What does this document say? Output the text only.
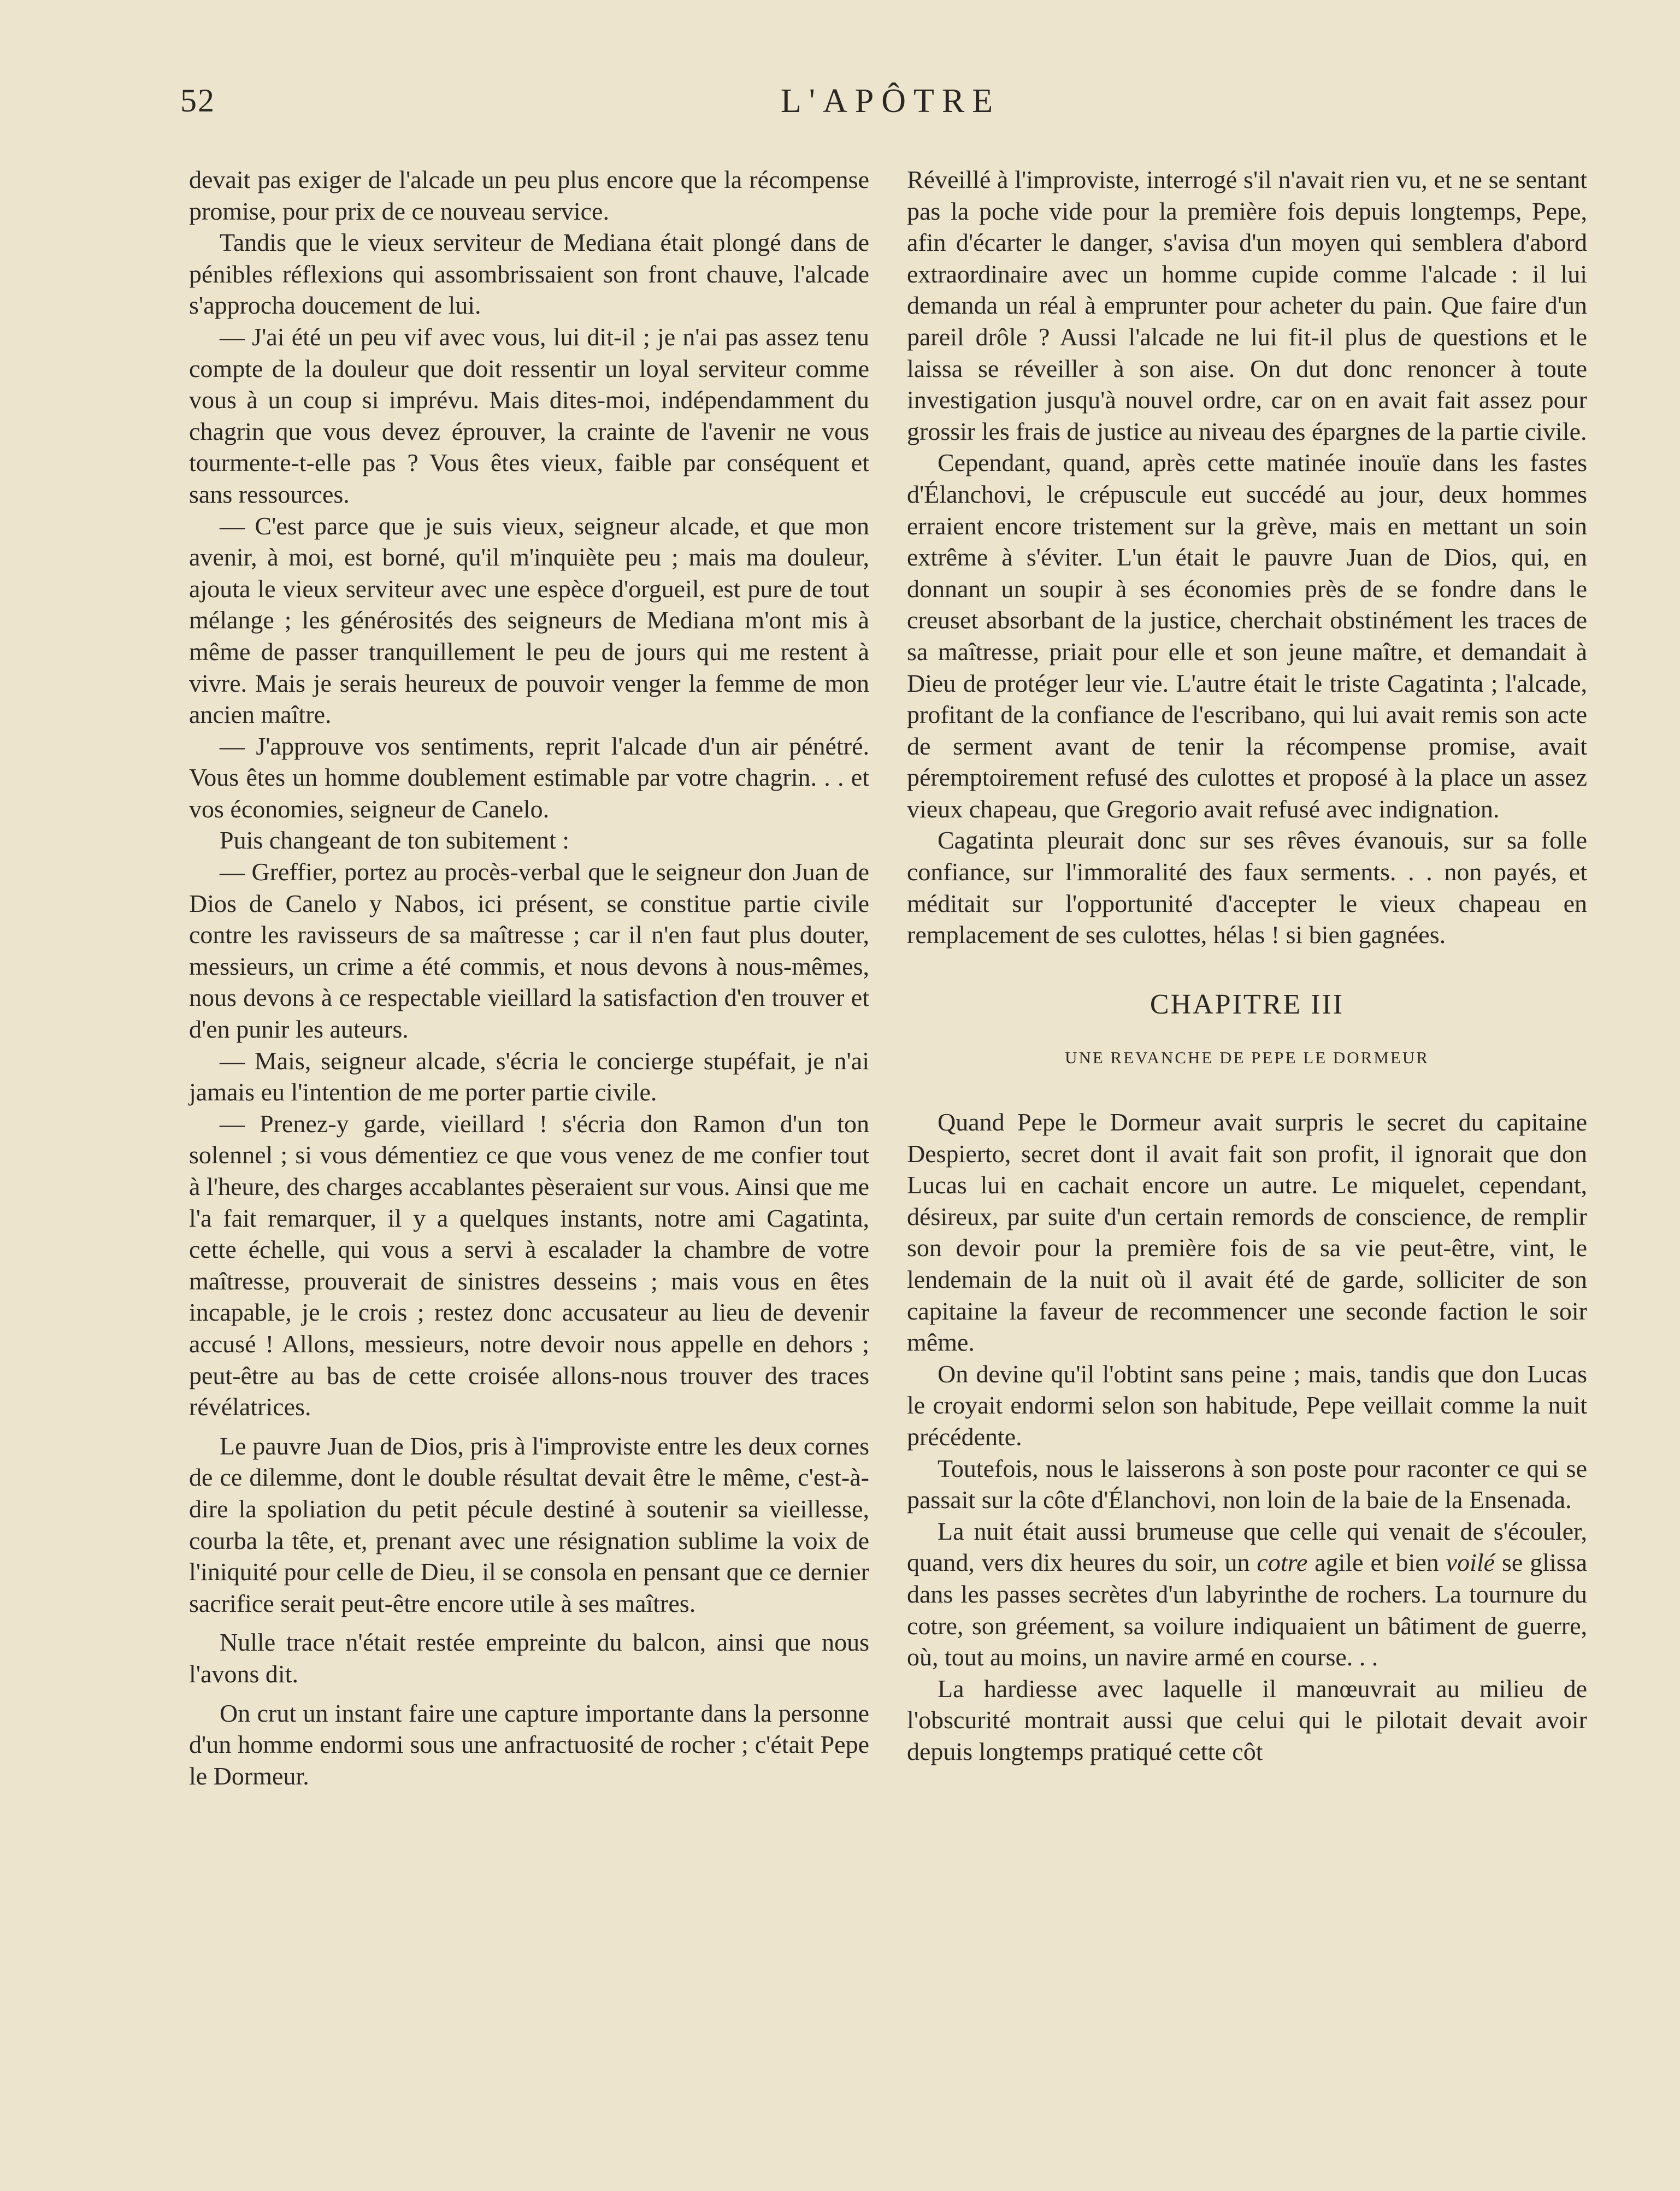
52	L'APÔTRE

devait pas exiger de l'alcade un peu plus encore que la récompense promise, pour prix de ce nouveau service.

Tandis que le vieux serviteur de Mediana était plongé dans de pénibles réflexions qui assombrissaient son front chauve, l'alcade s'approcha doucement de lui.

— J'ai été un peu vif avec vous, lui dit-il ; je n'ai pas assez tenu compte de la douleur que doit ressentir un loyal serviteur comme vous à un coup si imprévu. Mais dites-moi, indépendamment du chagrin que vous devez éprouver, la crainte de l'avenir ne vous tourmente-t-elle pas ? Vous êtes vieux, faible par conséquent et sans ressources.

— C'est parce que je suis vieux, seigneur alcade, et que mon avenir, à moi, est borné, qu'il m'inquiète peu ; mais ma douleur, ajouta le vieux serviteur avec une espèce d'orgueil, est pure de tout mélange ; les générosités des seigneurs de Mediana m'ont mis à même de passer tranquillement le peu de jours qui me restent à vivre. Mais je serais heureux de pouvoir venger la femme de mon ancien maître.

— J'approuve vos sentiments, reprit l'alcade d'un air pénétré. Vous êtes un homme doublement estimable par votre chagrin. . . et vos économies, seigneur de Canelo.

Puis changeant de ton subitement :

— Greffier, portez au procès-verbal que le seigneur don Juan de Dios de Canelo y Nabos, ici présent, se constitue partie civile contre les ravisseurs de sa maîtresse ; car il n'en faut plus douter, messieurs, un crime a été commis, et nous devons à nous-mêmes, nous devons à ce respectable vieillard la satisfaction d'en trouver et d'en punir les auteurs.

— Mais, seigneur alcade, s'écria le concierge stupéfait, je n'ai jamais eu l'intention de me porter partie civile.

— Prenez-y garde, vieillard ! s'écria don Ramon d'un ton solennel ; si vous démentiez ce que vous venez de me confier tout à l'heure, des charges accablantes pèseraient sur vous. Ainsi que me l'a fait remarquer, il y a quelques instants, notre ami Cagatinta, cette échelle, qui vous a servi à escalader la chambre de votre maîtresse, prouverait de sinistres desseins ; mais vous en êtes incapable, je le crois ; restez donc accusateur au lieu de devenir accusé ! Allons, messieurs, notre devoir nous appelle en dehors ; peut-être au bas de cette croisée allons-nous trouver des traces révélatrices.

Le pauvre Juan de Dios, pris à l'improviste entre les deux cornes de ce dilemme, dont le double résultat devait être le même, c'est-à-dire la spoliation du petit pécule destiné à soutenir sa vieillesse, courba la tête, et, prenant avec une résignation sublime la voix de l'iniquité pour celle de Dieu, il se consola en pensant que ce dernier sacrifice serait peut-être encore utile à ses maîtres.

Nulle trace n'était restée empreinte du balcon, ainsi que nous l'avons dit.

On crut un instant faire une capture importante dans la personne d'un homme endormi sous une anfractuosité de rocher ; c'était Pepe le Dormeur.

Réveillé à l'improviste, interrogé s'il n'avait rien vu, et ne se sentant pas la poche vide pour la première fois depuis longtemps, Pepe, afin d'écarter le danger, s'avisa d'un moyen qui semblera d'abord extraordinaire avec un homme cupide comme l'alcade : il lui demanda un réal à emprunter pour acheter du pain. Que faire d'un pareil drôle ? Aussi l'alcade ne lui fit-il plus de questions et le laissa se réveiller à son aise. On dut donc renoncer à toute investigation jusqu'à nouvel ordre, car on en avait fait assez pour grossir les frais de justice au niveau des épargnes de la partie civile.

Cependant, quand, après cette matinée inouïe dans les fastes d'Élanchovi, le crépuscule eut succédé au jour, deux hommes erraient encore tristement sur la grève, mais en mettant un soin extrême à s'éviter. L'un était le pauvre Juan de Dios, qui, en donnant un soupir à ses économies près de se fondre dans le creuset absorbant de la justice, cherchait obstinément les traces de sa maîtresse, priait pour elle et son jeune maître, et demandait à Dieu de protéger leur vie. L'autre était le triste Cagatinta ; l'alcade, profitant de la confiance de l'escribano, qui lui avait remis son acte de serment avant de tenir la récompense promise, avait péremptoirement refusé des culottes et proposé à la place un assez vieux chapeau, que Gregorio avait refusé avec indignation.

Cagatinta pleurait donc sur ses rêves évanouis, sur sa folle confiance, sur l'immoralité des faux serments. . . non payés, et méditait sur l'opportunité d'accepter le vieux chapeau en remplacement de ses culottes, hélas ! si bien gagnées.

CHAPITRE III
UNE REVANCHE DE PEPE LE DORMEUR

Quand Pepe le Dormeur avait surpris le secret du capitaine Despierto, secret dont il avait fait son profit, il ignorait que don Lucas lui en cachait encore un autre. Le miquelet, cependant, désireux, par suite d'un certain remords de conscience, de remplir son devoir pour la première fois de sa vie peut-être, vint, le lendemain de la nuit où il avait été de garde, solliciter de son capitaine la faveur de recommencer une seconde faction le soir même.

On devine qu'il l'obtint sans peine ; mais, tandis que don Lucas le croyait endormi selon son habitude, Pepe veillait comme la nuit précédente.

Toutefois, nous le laisserons à son poste pour raconter ce qui se passait sur la côte d'Élanchovi, non loin de la baie de la Ensenada.

La nuit était aussi brumeuse que celle qui venait de s'écouler, quand, vers dix heures du soir, un cotre agile et bien voilé se glissa dans les passes secrètes d'un labyrinthe de rochers. La tournure du cotre, son gréement, sa voilure indiquaient un bâtiment de guerre, où, tout au moins, un navire armé en course. . .

La hardiesse avec laquelle il manœuvrait au milieu de l'obscurité montrait aussi que celui qui le pilotait devait avoir depuis longtemps pratiqué cette côt
